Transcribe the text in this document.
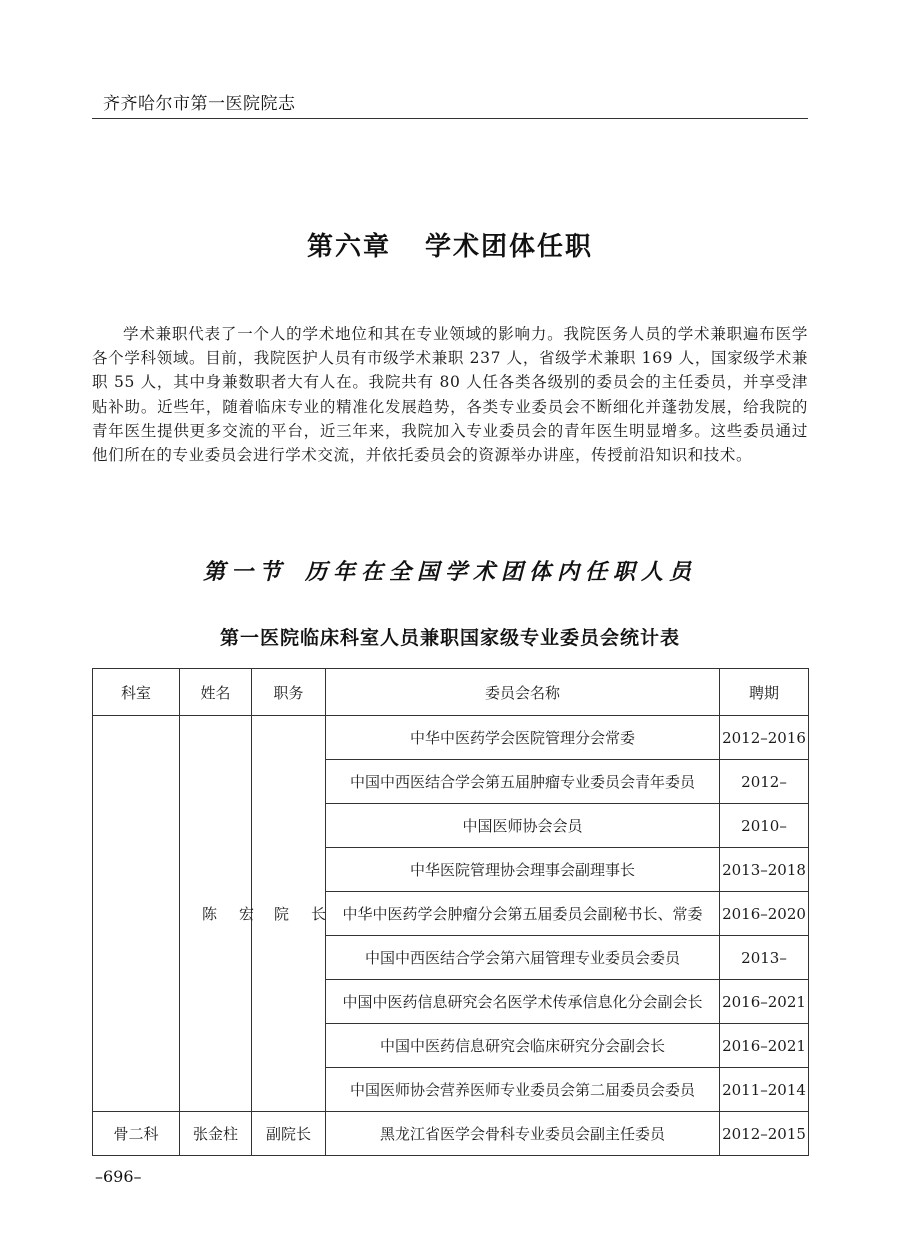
齐齐哈尔市第一医院院志
第六章 学术团体任职
学术兼职代表了一个人的学术地位和其在专业领域的影响力。我院医务人员的学术兼职遍布医学各个学科领域。目前，我院医护人员有市级学术兼职 237 人，省级学术兼职 169 人，国家级学术兼职 55 人，其中身兼数职者大有人在。我院共有 80 人任各类各级别的委员会的主任委员，并享受津贴补助。近些年，随着临床专业的精准化发展趋势，各类专业委员会不断细化并蓬勃发展，给我院的青年医生提供更多交流的平台，近三年来，我院加入专业委员会的青年医生明显增多。这些委员通过他们所在的专业委员会进行学术交流，并依托委员会的资源举办讲座，传授前沿知识和技术。
第一节 历年在全国学术团体内任职人员
第一医院临床科室人员兼职国家级专业委员会统计表
科室	姓名	职务	委员会名称	聘期
	陈宏	院长	中华中医药学会医院管理分会常委	2012–2016
			中国中西医结合学会第五届肿瘤专业委员会青年委员	2012–
			中国医师协会会员	2010–
			中华医院管理协会理事会副理事长	2013–2018
			中华中医药学会肿瘤分会第五届委员会副秘书长、常委	2016–2020
			中国中西医结合学会第六届管理专业委员会委员	2013–
			中国中医药信息研究会名医学术传承信息化分会副会长	2016–2021
			中国中医药信息研究会临床研究分会副会长	2016–2021
			中国医师协会营养医师专业委员会第二届委员会委员	2011–2014
骨二科	张金柱	副院长	黑龙江省医学会骨科专业委员会副主任委员	2012–2015
–696–
